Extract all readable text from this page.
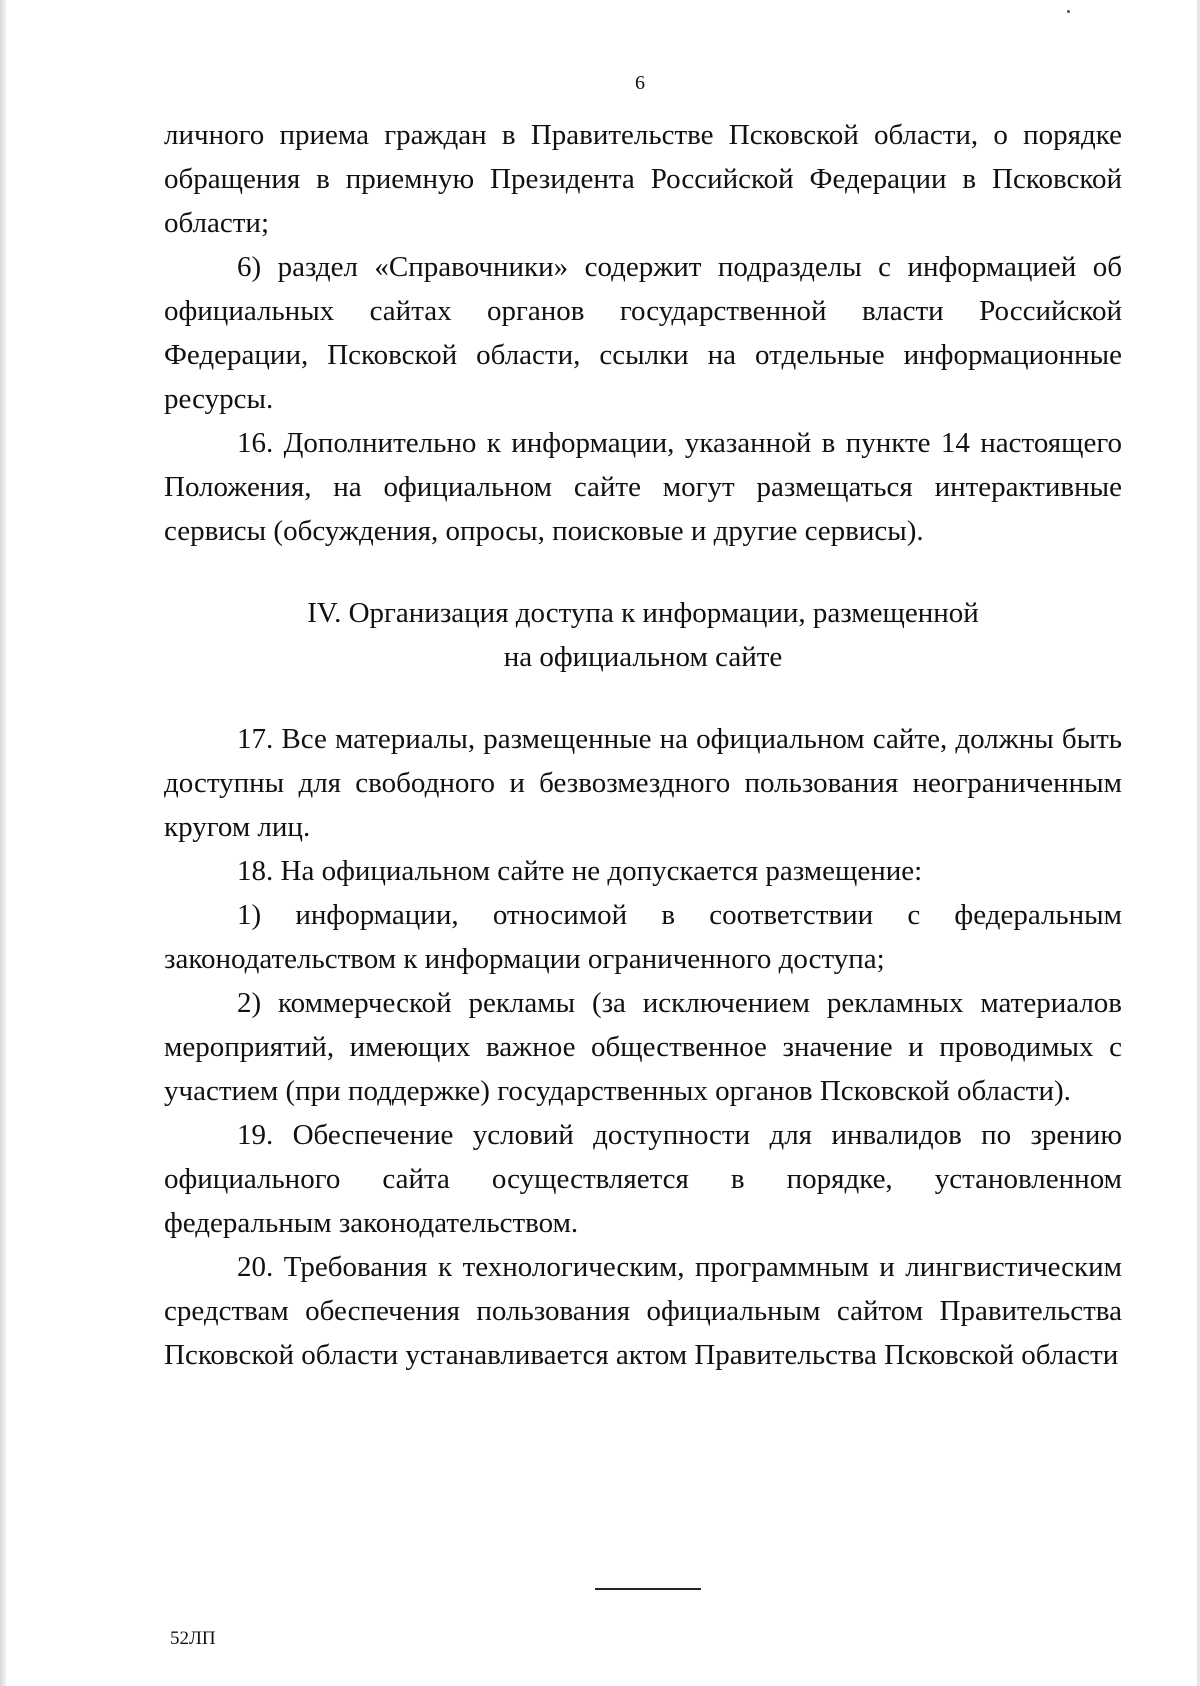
6

личного приема граждан в Правительстве Псковской области, о порядке обращения в приемную Президента Российской Федерации в Псковской области;

6) раздел «Справочники» содержит подразделы с информацией об официальных сайтах органов государственной власти Российской Федерации, Псковской области, ссылки на отдельные информационные ресурсы.

16. Дополнительно к информации, указанной в пункте 14 настоящего Положения, на официальном сайте могут размещаться интерактивные сервисы (обсуждения, опросы, поисковые и другие сервисы).

IV. Организация доступа к информации, размещенной
на официальном сайте

17. Все материалы, размещенные на официальном сайте, должны быть доступны для свободного и безвозмездного пользования неограниченным кругом лиц.

18. На официальном сайте не допускается размещение:

1) информации, относимой в соответствии с федеральным законодательством к информации ограниченного доступа;

2) коммерческой рекламы (за исключением рекламных материалов мероприятий, имеющих важное общественное значение и проводимых с участием (при поддержке) государственных органов Псковской области).

19. Обеспечение условий доступности для инвалидов по зрению официального сайта осуществляется в порядке, установленном федеральным законодательством.

20. Требования к технологическим, программным и лингвистическим средствам обеспечения пользования официальным сайтом Правительства Псковской области устанавливается актом Правительства Псковской области

52ЛП
